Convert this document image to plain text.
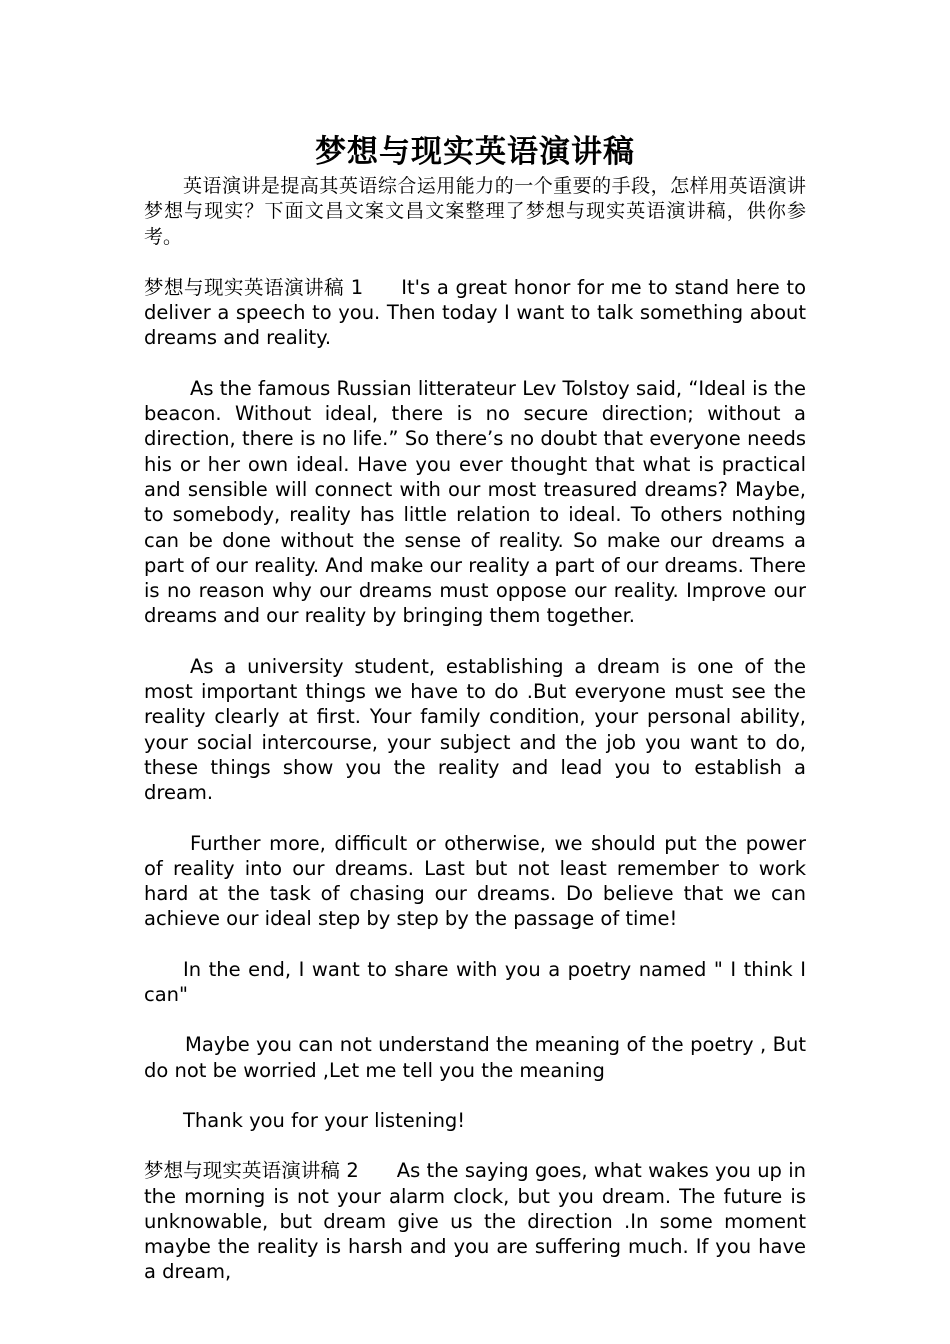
梦想与现实英语演讲稿

英语演讲是提高其英语综合运用能力的一个重要的手段，怎样用英语演讲梦想与现实？下面文昌文案文昌文案整理了梦想与现实英语演讲稿，供你参考。

梦想与现实英语演讲稿 1 It's a great honor for me to stand here to deliver a speech to you. Then today I want to talk something about dreams and reality.

As the famous Russian litterateur Lev Tolstoy said, “Ideal is the beacon. Without ideal, there is no secure direction; without a direction, there is no life.” So there’s no doubt that everyone needs his or her own ideal. Have you ever thought that what is practical and sensible will connect with our most treasured dreams? Maybe, to somebody, reality has little relation to ideal. To others nothing can be done without the sense of reality. So make our dreams a part of our reality. And make our reality a part of our dreams. There is no reason why our dreams must oppose our reality. Improve our dreams and our reality by bringing them together.

As a university student, establishing a dream is one of the most important things we have to do .But everyone must see the reality clearly at first. Your family condition, your personal ability, your social intercourse, your subject and the job you want to do, these things show you the reality and lead you to establish a dream.

Further more, difficult or otherwise, we should put the power of reality into our dreams. Last but not least remember to work hard at the task of chasing our dreams. Do believe that we can achieve our ideal step by step by the passage of time!

In the end, I want to share with you a poetry named " I think I can"

Maybe you can not understand the meaning of the poetry , But do not be worried ,Let me tell you the meaning

Thank you for your listening!

梦想与现实英语演讲稿 2 As the saying goes, what wakes you up in the morning is not your alarm clock, but you dream. The future is unknowable, but dream give us the direction .In some moment maybe the reality is harsh and you are suffering much. If you have a dream,
